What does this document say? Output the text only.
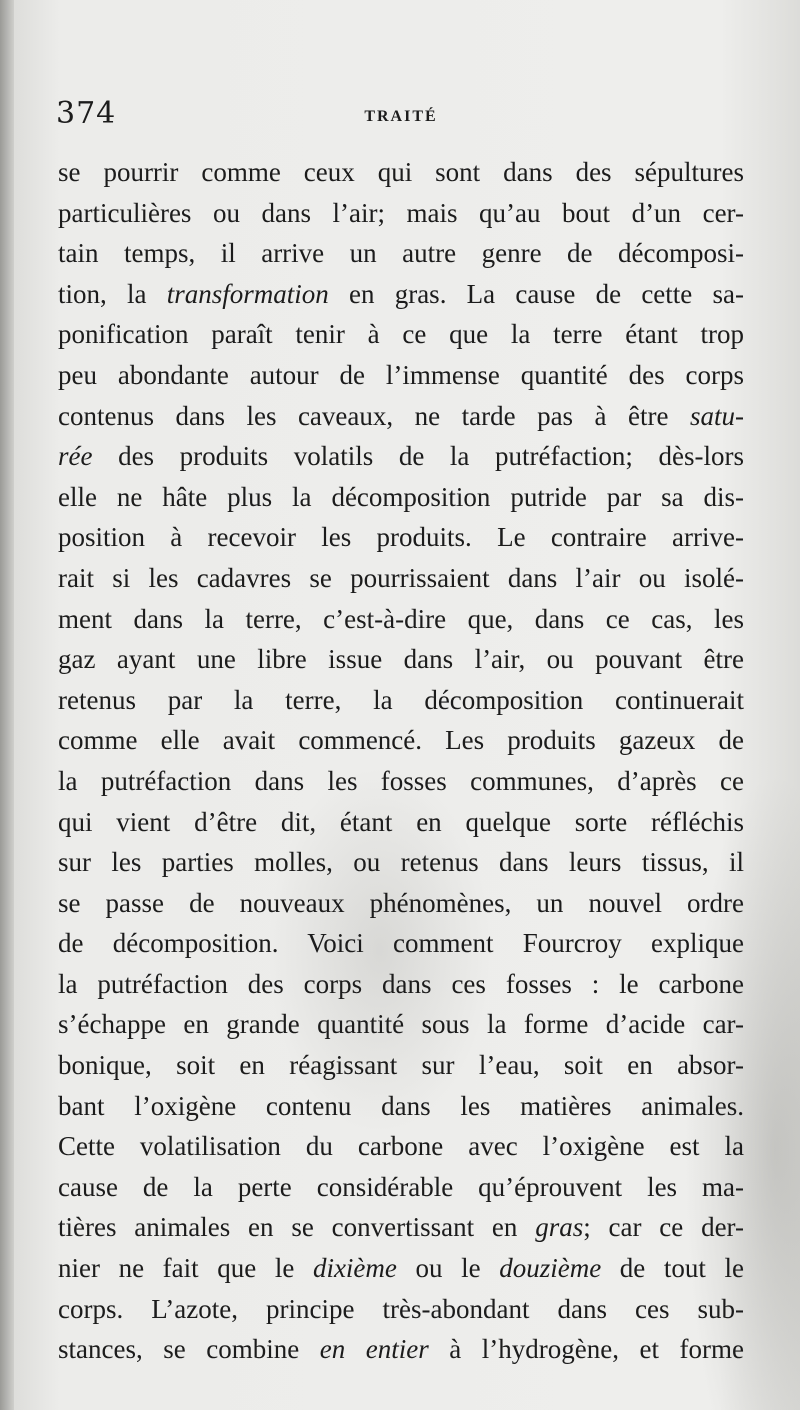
374	TRAITÉ
se pourrir comme ceux qui sont dans des sépultures
particulières ou dans l’air; mais qu’au bout d’un cer-
tain temps, il arrive un autre genre de décomposi-
tion, la transformation en gras. La cause de cette sa-
ponification paraît tenir à ce que la terre étant trop
peu abondante autour de l’immense quantité des corps
contenus dans les caveaux, ne tarde pas à être satu-
rée des produits volatils de la putréfaction; dès-lors
elle ne hâte plus la décomposition putride par sa dis-
position à recevoir les produits. Le contraire arrive-
rait si les cadavres se pourrissaient dans l’air ou isolé-
ment dans la terre, c’est-à-dire que, dans ce cas, les
gaz ayant une libre issue dans l’air, ou pouvant être
retenus par la terre, la décomposition continuerait
comme elle avait commencé. Les produits gazeux de
la putréfaction dans les fosses communes, d’après ce
qui vient d’être dit, étant en quelque sorte réfléchis
sur les parties molles, ou retenus dans leurs tissus, il
se passe de nouveaux phénomènes, un nouvel ordre
de décomposition. Voici comment Fourcroy explique
la putréfaction des corps dans ces fosses : le carbone
s’échappe en grande quantité sous la forme d’acide car-
bonique, soit en réagissant sur l’eau, soit en absor-
bant l’oxigène contenu dans les matières animales.
Cette volatilisation du carbone avec l’oxigène est la
cause de la perte considérable qu’éprouvent les ma-
tières animales en se convertissant en gras; car ce der-
nier ne fait que le dixième ou le douzième de tout le
corps. L’azote, principe très-abondant dans ces sub-
stances, se combine en entier à l’hydrogène, et forme
